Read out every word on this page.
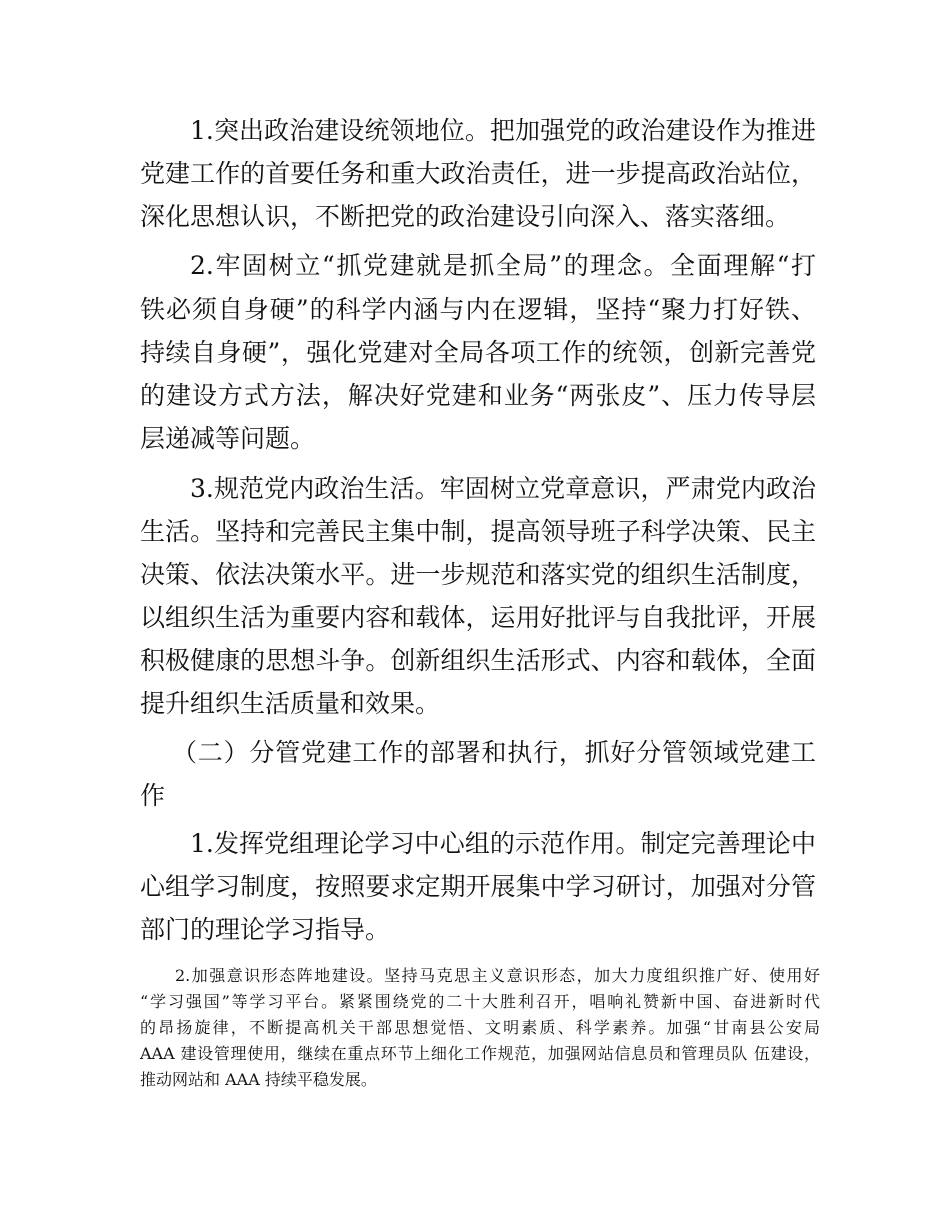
1.突出政治建设统领地位。把加强党的政治建设作为推进
党建工作的首要任务和重大政治责任，进一步提高政治站位，
深化思想认识，不断把党的政治建设引向深入、落实落细。
2.牢固树立“抓党建就是抓全局”的理念。全面理解“打
铁必须自身硬”的科学内涵与内在逻辑，坚持“聚力打好铁、
持续自身硬”，强化党建对全局各项工作的统领，创新完善党
的建设方式方法，解决好党建和业务“两张皮”、压力传导层
层递减等问题。
3.规范党内政治生活。牢固树立党章意识，严肃党内政治
生活。坚持和完善民主集中制，提高领导班子科学决策、民主
决策、依法决策水平。进一步规范和落实党的组织生活制度，
以组织生活为重要内容和载体，运用好批评与自我批评，开展
积极健康的思想斗争。创新组织生活形式、内容和载体，全面
提升组织生活质量和效果。
（二）分管党建工作的部署和执行，抓好分管领域党建工
作
1.发挥党组理论学习中心组的示范作用。制定完善理论中
心组学习制度，按照要求定期开展集中学习研讨，加强对分管
部门的理论学习指导。
2.加强意识形态阵地建设。坚持马克思主义意识形态，加大力度组织推广好、使用好
“学习强国”等学习平台。紧紧围绕党的二十大胜利召开，唱响礼赞新中国、奋进新时代
的昂扬旋律，不断提高机关干部思想觉悟、文明素质、科学素养。加强“甘南县公安局
AAA 建设管理使用，继续在重点环节上细化工作规范，加强网站信息员和管理员队 伍建设，
推动网站和 AAA 持续平稳发展。
